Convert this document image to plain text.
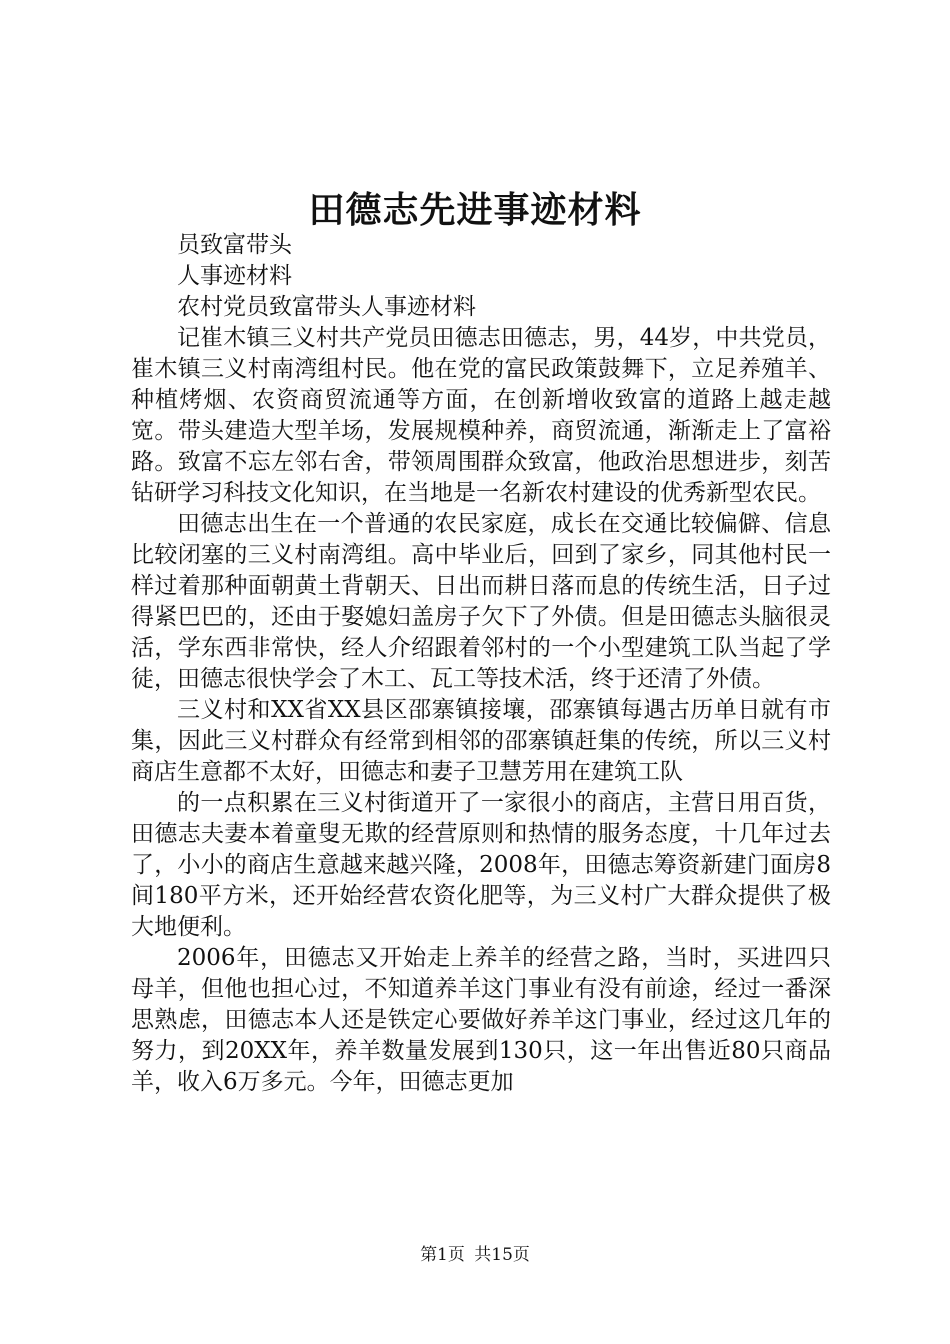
田德志先进事迹材料

员致富带头

人事迹材料

农村党员致富带头人事迹材料

记崔木镇三义村共产党员田德志田德志，男，44岁，中共党员，崔木镇三义村南湾组村民。他在党的富民政策鼓舞下，立足养殖羊、种植烤烟、农资商贸流通等方面，在创新增收致富的道路上越走越宽。带头建造大型羊场，发展规模种养，商贸流通，渐渐走上了富裕路。致富不忘左邻右舍，带领周围群众致富，他政治思想进步，刻苦钻研学习科技文化知识，在当地是一名新农村建设的优秀新型农民。

田德志出生在一个普通的农民家庭，成长在交通比较偏僻、信息比较闭塞的三义村南湾组。高中毕业后，回到了家乡，同其他村民一样过着那种面朝黄土背朝天、日出而耕日落而息的传统生活，日子过得紧巴巴的，还由于娶媳妇盖房子欠下了外债。但是田德志头脑很灵活，学东西非常快，经人介绍跟着邻村的一个小型建筑工队当起了学徒，田德志很快学会了木工、瓦工等技术活，终于还清了外债。

三义村和XX省XX县区邵寨镇接壤，邵寨镇每遇古历单日就有市集，因此三义村群众有经常到相邻的邵寨镇赶集的传统，所以三义村商店生意都不太好，田德志和妻子卫慧芳用在建筑工队

的一点积累在三义村街道开了一家很小的商店，主营日用百货，田德志夫妻本着童叟无欺的经营原则和热情的服务态度，十几年过去了，小小的商店生意越来越兴隆，2008年，田德志筹资新建门面房8间180平方米，还开始经营农资化肥等，为三义村广大群众提供了极大地便利。

2006年，田德志又开始走上养羊的经营之路，当时，买进四只母羊，但他也担心过，不知道养羊这门事业有没有前途，经过一番深思熟虑，田德志本人还是铁定心要做好养羊这门事业，经过这几年的努力，到20XX年，养羊数量发展到130只，这一年出售近80只商品羊，收入6万多元。今年，田德志更加

第1页 共15页
